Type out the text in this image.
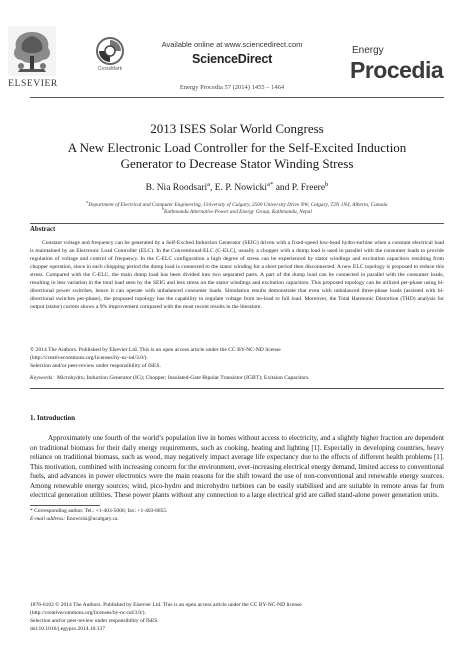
ELSEVIER
CrossMark
Available online at www.sciencedirect.com
ScienceDirect
Energy Procedia 57 (2014) 1455 – 1464
Energy
Procedia
2013 ISES Solar World Congress
A New Electronic Load Controller for the Self-Excited Induction
Generator to Decrease Stator Winding Stress
B. Nia Roodsari$^a$, E. P. Nowicki$^{a*}$ and P. Freere$^b$
$^a$Department of Electrical and Computer Engineering, University of Calgary, 2500 University Drive NW, Calgary, T2N 1N4, Alberta, Canada
$^b$Kathmandu Alternative Power and Energy Group, Kathmandu, Nepal
Abstract
Constant voltage and frequency can be generated by a Self-Excited Induction Generator (SEIG) driven with a fixed-speed low-head hydro-turbine when a constant electrical load is maintained by an Electronic Load Controller (ELC). In the Conventional-ELC (C-ELC), usually a chopper with a dump load is used in parallel with the consumer loads to provide regulation of voltage and control of frequency. In the C-ELC configuration a high degree of stress can be experienced by stator windings and excitation capacitors resulting from chopper operation, since in each chopping period the dump load is connected to the stator winding for a short period then disconnected. A new ELC topology is proposed to reduce this stress. Compared with the C-ELC, the main dump load has been divided into two separated parts. A part of the dump load can be connected in parallel with the consumer loads, resulting in less variation in the total load seen by the SEIG and less stress on the stator windings and excitation capacitors. This proposed topology can be utilized per-phase using bi-directional power switches, hence it can operate with unbalanced consumer loads. Simulation results demonstrate that even with unbalanced three-phase loads (assisted with bi-directional switches per-phase), the proposed topology has the capability to regulate voltage from no-load to full load. Moreover, the Total Harmonic Distortion (THD) analysis for output (stator) current shows a 9% improvement compared with the most recent results in the literature.
© 2014 The Authors. Published by Elsevier Ltd. This is an open access article under the CC BY-NC-ND license
(http://creativecommons.org/licenses/by-nc-nd/3.0/).
Selection and/or peer-review under responsibility of ISES.
Keywords: Microhydro; Induction Generator (IG); Chopper; Insulated-Gate Bipolar Transistor (IGBT); Exitaion Capacitors.
1. Introduction
Approximately one fourth of the world’s population live in homes without access to electricity, and a slightly higher fraction are dependent on traditional biomass for their daily energy requirements, such as cooking, heating and lighting [1]. Especially in developing countries, heavy reliance on traditional biomass, such as wood, may negatively impact average life expectancy due to the effects of different health problems [1]. This motivation, combined with increasing concern for the environment, ever-increasing electrical energy demand, limited access to conventional fuels, and advances in power electronics were the main reasons for the shift toward the use of non-conventional and renewable energy sources. Among renewable energy sources; wind, pico-hydro and microhydro turbines can be easily stabilised and are suitable in remote areas far from electrical generation utilities. These power plants without any connection to a large electrical grid are called stand-alone power generation units.
* Corresponding author. Tel.: +1-403-5006; fax: +1-403-6855.
E-mail address: Enowicki@ucalgary.ca.
1876-6102 © 2014 The Authors. Published by Elsevier Ltd. This is an open access article under the CC BY-NC-ND license
(http://creativecommons.org/licenses/by-nc-nd/3.0/).
Selection and/or peer-review under responsibility of ISES.
doi:10.1016/j.egypro.2014.10.137
